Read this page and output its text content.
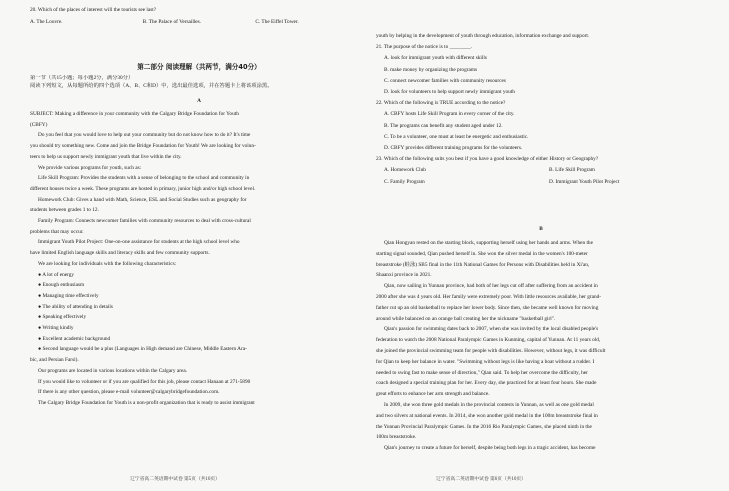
20. Which of the places of interest will the tourists see last?
A. The Louvre.	B. The Palace of Versailles.	C. The Eiffel Tower.
第二部分 阅读理解（共两节，满分40分）
第一节（共15小题；每小题2分，满分30分）
阅读下列短文，从每题所给的四个选项（A、B、C和D）中，选出最佳选项，并在答题卡上将该项涂黑。
A
SUBJECT: Making a difference in your community with the Calgary Bridge Foundation for Youth
(CBFY)
Do you feel that you would love to help out your community but do not know how to do it? It's time
you should try something new. Come and join the Bridge Foundation for Youth! We are looking for volun-
teers to help us support newly immigrant youth that live within the city.
We provide various programs for youth, such as:
Life Skill Program: Provides the students with a sense of belonging to the school and community in
different houses twice a week. These programs are hosted in primary, junior high and/or high school level.
Homework Club: Gives a hand with Math, Science, ESL and Social Studies such as geography for
students between grades 1 to 12.
Family Program: Connects newcomer families with community resources to deal with cross-cultural
problems that may occur.
Immigrant Youth Pilot Project: One-on-one assistance for students at the high school level who
have limited English language skills and literacy skills and few community supports.
We are looking for individuals with the following characteristics:
● A lot of energy
● Enough enthusiasm
● Managing time effectively
● The ability of attending in details
● Speaking effectively
● Writing kindly
● Excellent academic background
● Second language would be a plus (Languages in High demand are Chinese, Middle Eastern Ara-
bic, and Persian Farsi).
Our programs are located in various locations within the Calgary area.
If you would like to volunteer or if you are qualified for this job, please contact Hanaan at 271-5890
If there is any other question, please e-mail volunteer@calgarybridgefoundation.com.
The Calgary Bridge Foundation for Youth is a non-profit organization that is ready to assist immigrant
辽宁省高二英语期中试卷 第5页（共10页）
youth by helping in the development of youth through education, information exchange and support.
21. The purpose of the notice is to ________.
A. look for immigrant youth with different skills
B. make money by organizing the programs
C. connect newcomer families with community resources
D. look for volunteers to help support newly immigrant youth
22. Which of the following is TRUE according to the notice?
A. CBFY hosts Life Skill Program in every corner of the city.
B. The programs can benefit any student aged under 12.
C. To be a volunteer, one must at least be energetic and enthusiastic.
D. CBFY provides different training programs for the volunteers.
23. Which of the following suits you best if you have a good knowledge of either History or Geography?
A. Homework Club	B. Life Skill Program
C. Family Program	D. Immigrant Youth Pilot Project
B
Qian Hongyan rested on the starting block, supporting herself using her hands and arms. When the
starting signal sounded, Qian pushed herself in. She won the silver medal in the women's 100-meter
breaststroke (蛙泳) SB5 final in the 11th National Games for Persons with Disabilities held in Xi'an,
Shaanxi province in 2021.
Qian, now sailing in Yunnan province, had both of her legs cut off after suffering from an accident in
2000 after she was 4 years old. Her family were extremely poor. With little resources available, her grand-
father cut up an old basketball to replace her lower body. Since then, she became well known for moving
around while balanced on an orange ball creating her the nickname "basketball girl".
Qian's passion for swimming dates back to 2007, when she was invited by the local disabled people's
federation to watch the 2008 National Paralympic Games in Kunming, capital of Yunnan. At 11 years old,
she joined the provincial swimming team for people with disabilities. However, without legs, it was difficult
for Qian to keep her balance in water. "Swimming without legs is like having a boat without a rudder. I
needed to swing fast to make sense of direction," Qian said. To help her overcome the difficulty, her
coach designed a special training plan for her. Every day, she practiced for at least four hours. She made
great efforts to enhance her arm strength and balance.
In 2009, she won three gold medals in the provincial contests in Yunnan, as well as one gold medal
and two silvers at national events. In 2014, she won another gold medal in the 100m breaststroke final in
the Yunnan Provincial Paralympic Games. In the 2016 Rio Paralympic Games, she placed ninth in the
100m breaststroke.
Qian's journey to create a future for herself, despite being both legs in a tragic accident, has become
辽宁省高二英语期中试卷 第6页（共10页）
